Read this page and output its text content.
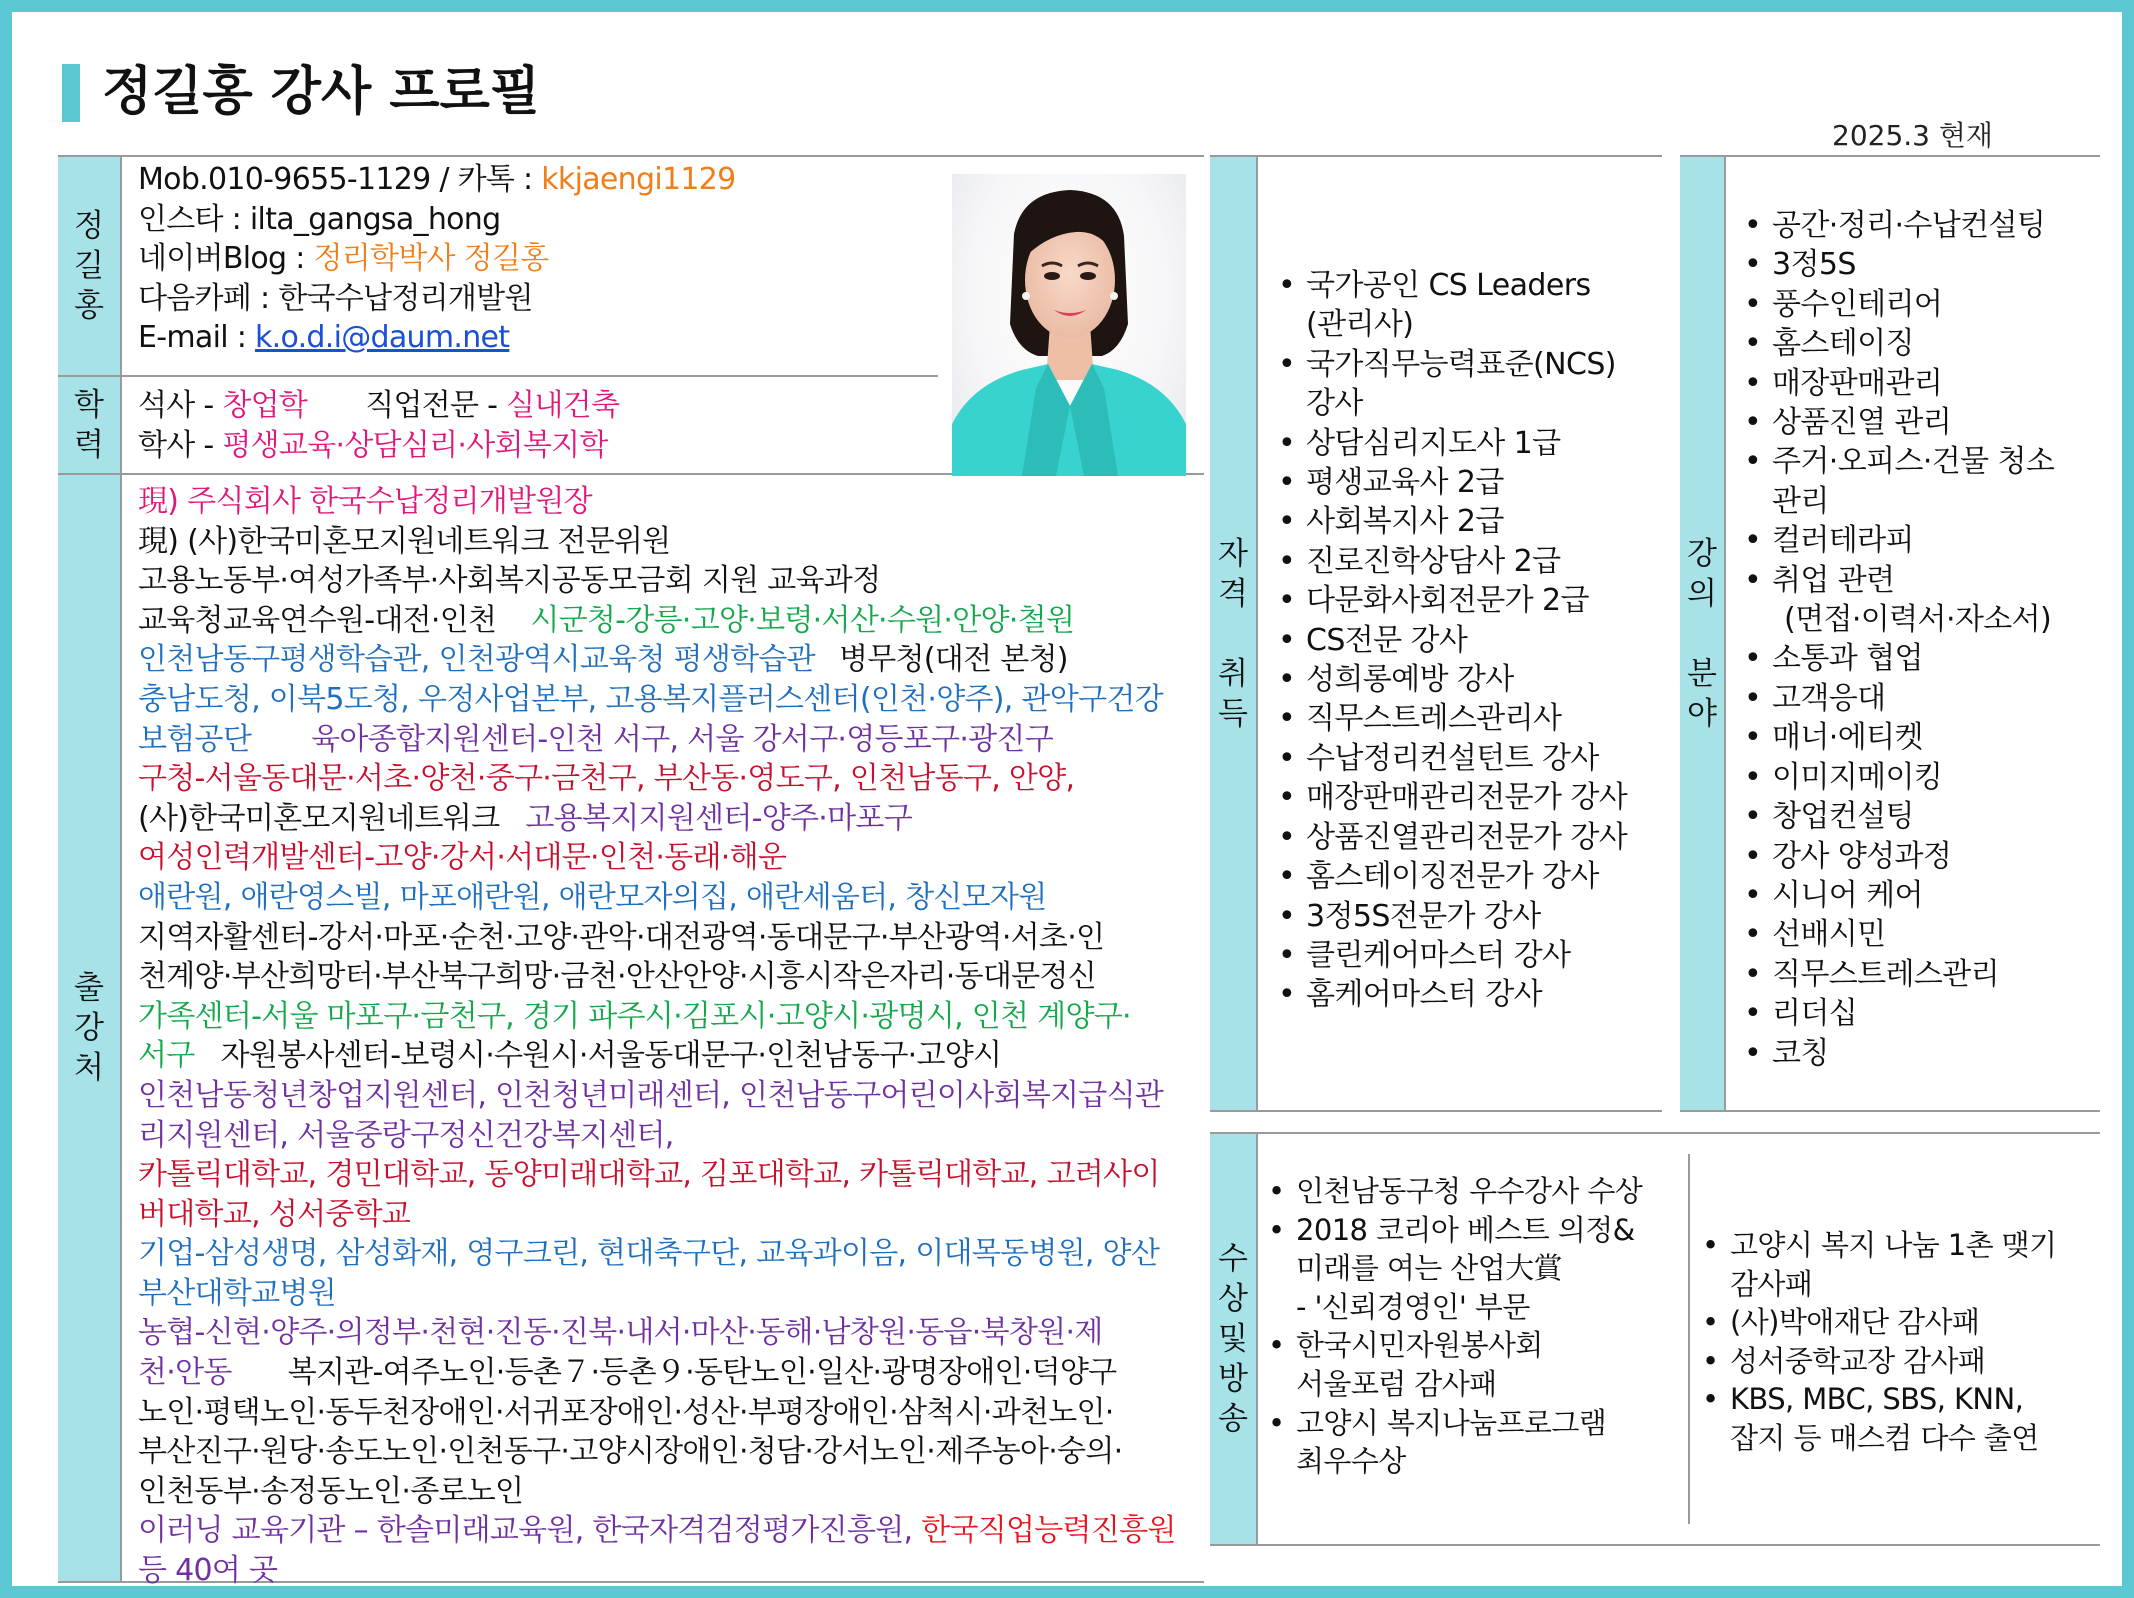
정길홍 강사 프로필
2025.3 현재
정길홍
학력
출강처
Mob.010-9655-1129 / 카톡 : kkjaengi1129
인스타 : ilta_gangsa_hong
네이버Blog : 정리학박사 정길홍
다음카페 : 한국수납정리개발원
E-mail : k.o.d.i@daum.net
석사 - 창업학 직업전문 - 실내건축
학사 - 평생교육·상담심리·사회복지학
現) 주식회사 한국수납정리개발원장
現) (사)한국미혼모지원네트워크 전문위원
고용노동부·여성가족부·사회복지공동모금회 지원 교육과정
교육청교육연수원-대전·인천 시군청-강릉·고양·보령·서산·수원·안양·철원
인천남동구평생학습관, 인천광역시교육청 평생학습관 병무청(대전 본청)
충남도청, 이북5도청, 우정사업본부, 고용복지플러스센터(인천·양주), 관악구건강
보험공단 육아종합지원센터-인천 서구, 서울 강서구·영등포구·광진구
구청-서울동대문·서초·양천·중구·금천구, 부산동·영도구, 인천남동구, 안양,
(사)한국미혼모지원네트워크 고용복지지원센터-양주·마포구
여성인력개발센터-고양·강서·서대문·인천·동래·해운
애란원, 애란영스빌, 마포애란원, 애란모자의집, 애란세움터, 창신모자원
지역자활센터-강서·마포·순천·고양·관악·대전광역·동대문구·부산광역·서초·인
천계양·부산희망터·부산북구희망·금천·안산안양·시흥시작은자리·동대문정신
가족센터-서울 마포구·금천구, 경기 파주시·김포시·고양시·광명시, 인천 계양구·
서구 자원봉사센터-보령시·수원시·서울동대문구·인천남동구·고양시
인천남동청년창업지원센터, 인천청년미래센터, 인천남동구어린이사회복지급식관
리지원센터, 서울중랑구정신건강복지센터,
카톨릭대학교, 경민대학교, 동양미래대학교, 김포대학교, 카톨릭대학교, 고려사이
버대학교, 성서중학교
기업-삼성생명, 삼성화재, 영구크린, 현대축구단, 교육과이음, 이대목동병원, 양산
부산대학교병원
농협-신현·양주·의정부·천현·진동·진북·내서·마산·동해·남창원·동읍·북창원·제
천·안동 복지관-여주노인·등촌７·등촌９·동탄노인·일산·광명장애인·덕양구
노인·평택노인·동두천장애인·서귀포장애인·성산·부평장애인·삼척시·과천노인·
부산진구·원당·송도노인·인천동구·고양시장애인·청담·강서노인·제주농아·숭의·
인천동부·송정동노인·종로노인
이러닝 교육기관 – 한솔미래교육원, 한국자격검정평가진흥원, 한국직업능력진흥원
등 40여 곳
자격
취득
• 국가공인 CS Leaders
(관리사)
• 국가직무능력표준(NCS)
강사
• 상담심리지도사 1급
• 평생교육사 2급
• 사회복지사 2급
• 진로진학상담사 2급
• 다문화사회전문가 2급
• CS전문 강사
• 성희롱예방 강사
• 직무스트레스관리사
• 수납정리컨설턴트 강사
• 매장판매관리전문가 강사
• 상품진열관리전문가 강사
• 홈스테이징전문가 강사
• 3정5S전문가 강사
• 클린케어마스터 강사
• 홈케어마스터 강사
강의
분야
• 공간·정리·수납컨설팅
• 3정5S
• 풍수인테리어
• 홈스테이징
• 매장판매관리
• 상품진열 관리
• 주거·오피스·건물 청소
관리
• 컬러테라피
• 취업 관련
(면접·이력서·자소서)
• 소통과 협업
• 고객응대
• 매너·에티켓
• 이미지메이킹
• 창업컨설팅
• 강사 양성과정
• 시니어 케어
• 선배시민
• 직무스트레스관리
• 리더십
• 코칭
수상및방송
• 인천남동구청 우수강사 수상
• 2018 코리아 베스트 의정&
미래를 여는 산업大賞
- '신뢰경영인' 부문
• 한국시민자원봉사회
서울포럼 감사패
• 고양시 복지나눔프로그램
최우수상
• 고양시 복지 나눔 1촌 맺기
감사패
• (사)박애재단 감사패
• 성서중학교장 감사패
• KBS, MBC, SBS, KNN,
잡지 등 매스컴 다수 출연
